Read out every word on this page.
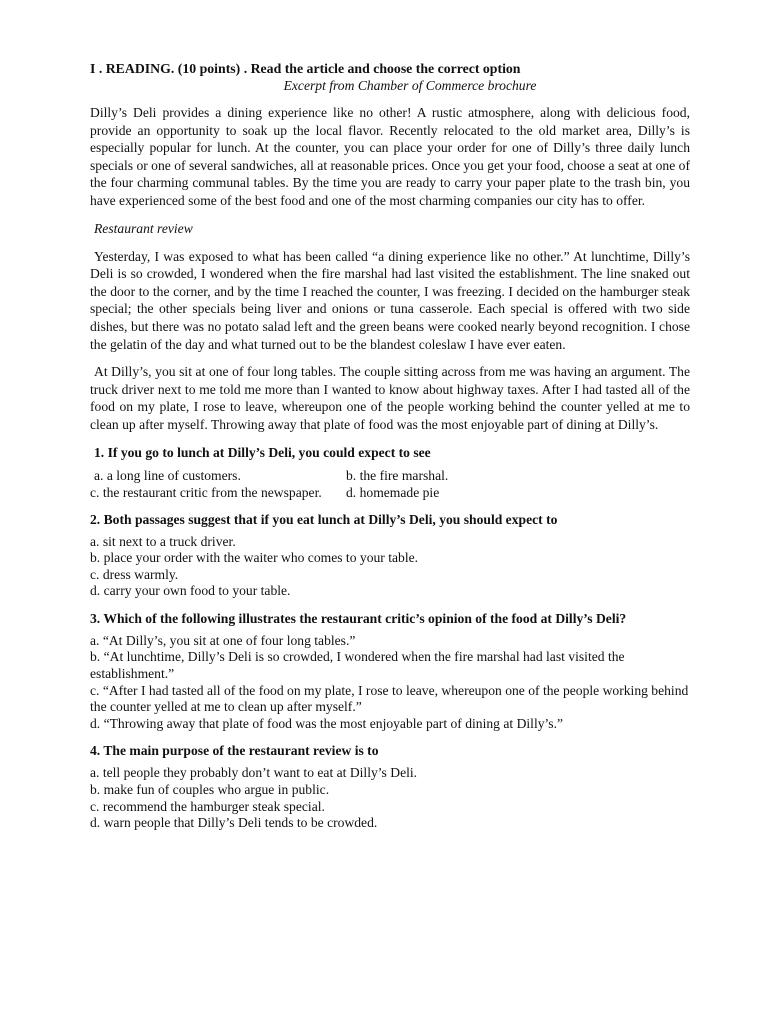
I . READING. (10 points) . Read the article and choose the correct option
Excerpt from Chamber of Commerce brochure

Dilly’s Deli provides a dining experience like no other! A rustic atmosphere, along with delicious food, provide an opportunity to soak up the local flavor. Recently relocated to the old market area, Dilly’s is especially popular for lunch. At the counter, you can place your order for one of Dilly’s three daily lunch specials or one of several sandwiches, all at reasonable prices. Once you get your food, choose a seat at one of the four charming communal tables. By the time you are ready to carry your paper plate to the trash bin, you have experienced some of the best food and one of the most charming companies our city has to offer.

Restaurant review

Yesterday, I was exposed to what has been called “a dining experience like no other.” At lunchtime, Dilly’s Deli is so crowded, I wondered when the fire marshal had last visited the establishment. The line snaked out the door to the corner, and by the time I reached the counter, I was freezing. I decided on the hamburger steak special; the other specials being liver and onions or tuna casserole. Each special is offered with two side dishes, but there was no potato salad left and the green beans were cooked nearly beyond recognition. I chose the gelatin of the day and what turned out to be the blandest coleslaw I have ever eaten.

At Dilly’s, you sit at one of four long tables. The couple sitting across from me was having an argument. The truck driver next to me told me more than I wanted to know about highway taxes. After I had tasted all of the food on my plate, I rose to leave, whereupon one of the people working behind the counter yelled at me to clean up after myself. Throwing away that plate of food was the most enjoyable part of dining at Dilly’s.

1. If you go to lunch at Dilly’s Deli, you could expect to see
a. a long line of customers.	b. the fire marshal.
c. the restaurant critic from the newspaper.	d. homemade pie
2. Both passages suggest that if you eat lunch at Dilly’s Deli, you should expect to
a. sit next to a truck driver.
b. place your order with the waiter who comes to your table.
c. dress warmly.
d. carry your own food to your table.
3. Which of the following illustrates the restaurant critic’s opinion of the food at Dilly’s Deli?
a. “At Dilly’s, you sit at one of four long tables.”
b. “At lunchtime, Dilly’s Deli is so crowded, I wondered when the fire marshal had last visited the establishment.”
c. “After I had tasted all of the food on my plate, I rose to leave, whereupon one of the people working behind the counter yelled at me to clean up after myself.”
d. “Throwing away that plate of food was the most enjoyable part of dining at Dilly’s.”
4. The main purpose of the restaurant review is to
a. tell people they probably don’t want to eat at Dilly’s Deli.
b. make fun of couples who argue in public.
c. recommend the hamburger steak special.
d. warn people that Dilly’s Deli tends to be crowded.
